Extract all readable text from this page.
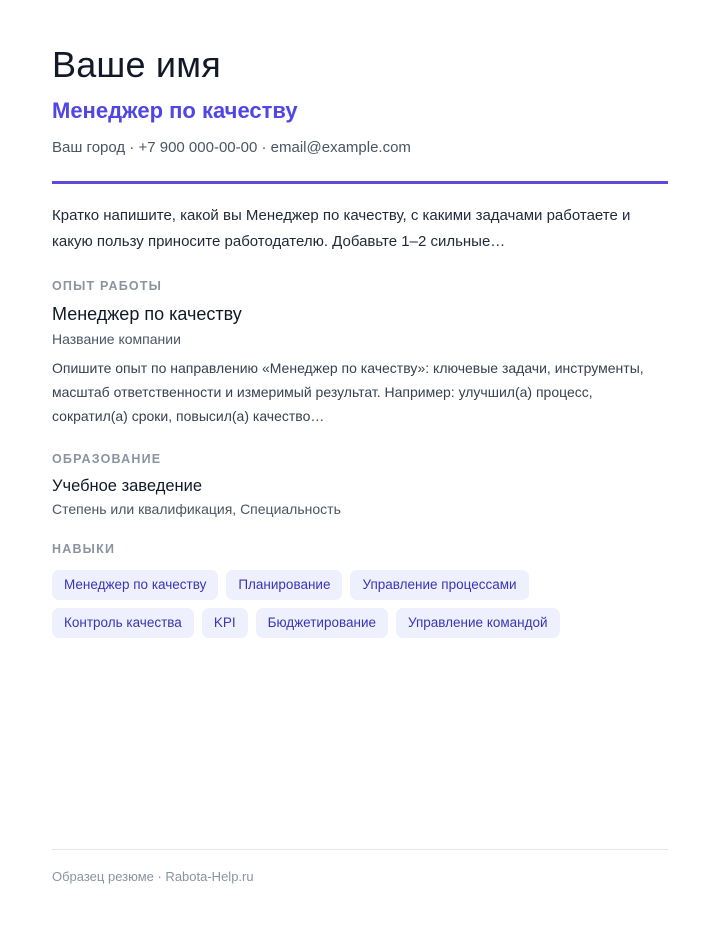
Ваше имя
Менеджер по качеству

Ваш город · +7 900 000-00-00 · email@example.com

Кратко напишите, какой вы Менеджер по качеству, с какими задачами работаете и какую пользу приносите работодателю. Добавьте 1–2 сильные…

ОПЫТ РАБОТЫ

Менеджер по качеству

Название компании

Опишите опыт по направлению «Менеджер по качеству»: ключевые задачи, инструменты, масштаб ответственности и измеримый результат. Например: улучшил(а) процесс, сократил(а) сроки, повысил(а) качество…

ОБРАЗОВАНИЕ

Учебное заведение

Степень или квалификация, Специальность

НАВЫКИ
Менеджер по качеству	Планирование	Управление процессами
Контроль качества	KPI	Бюджетирование	Управление командой

Образец резюме · Rabota-Help.ru
